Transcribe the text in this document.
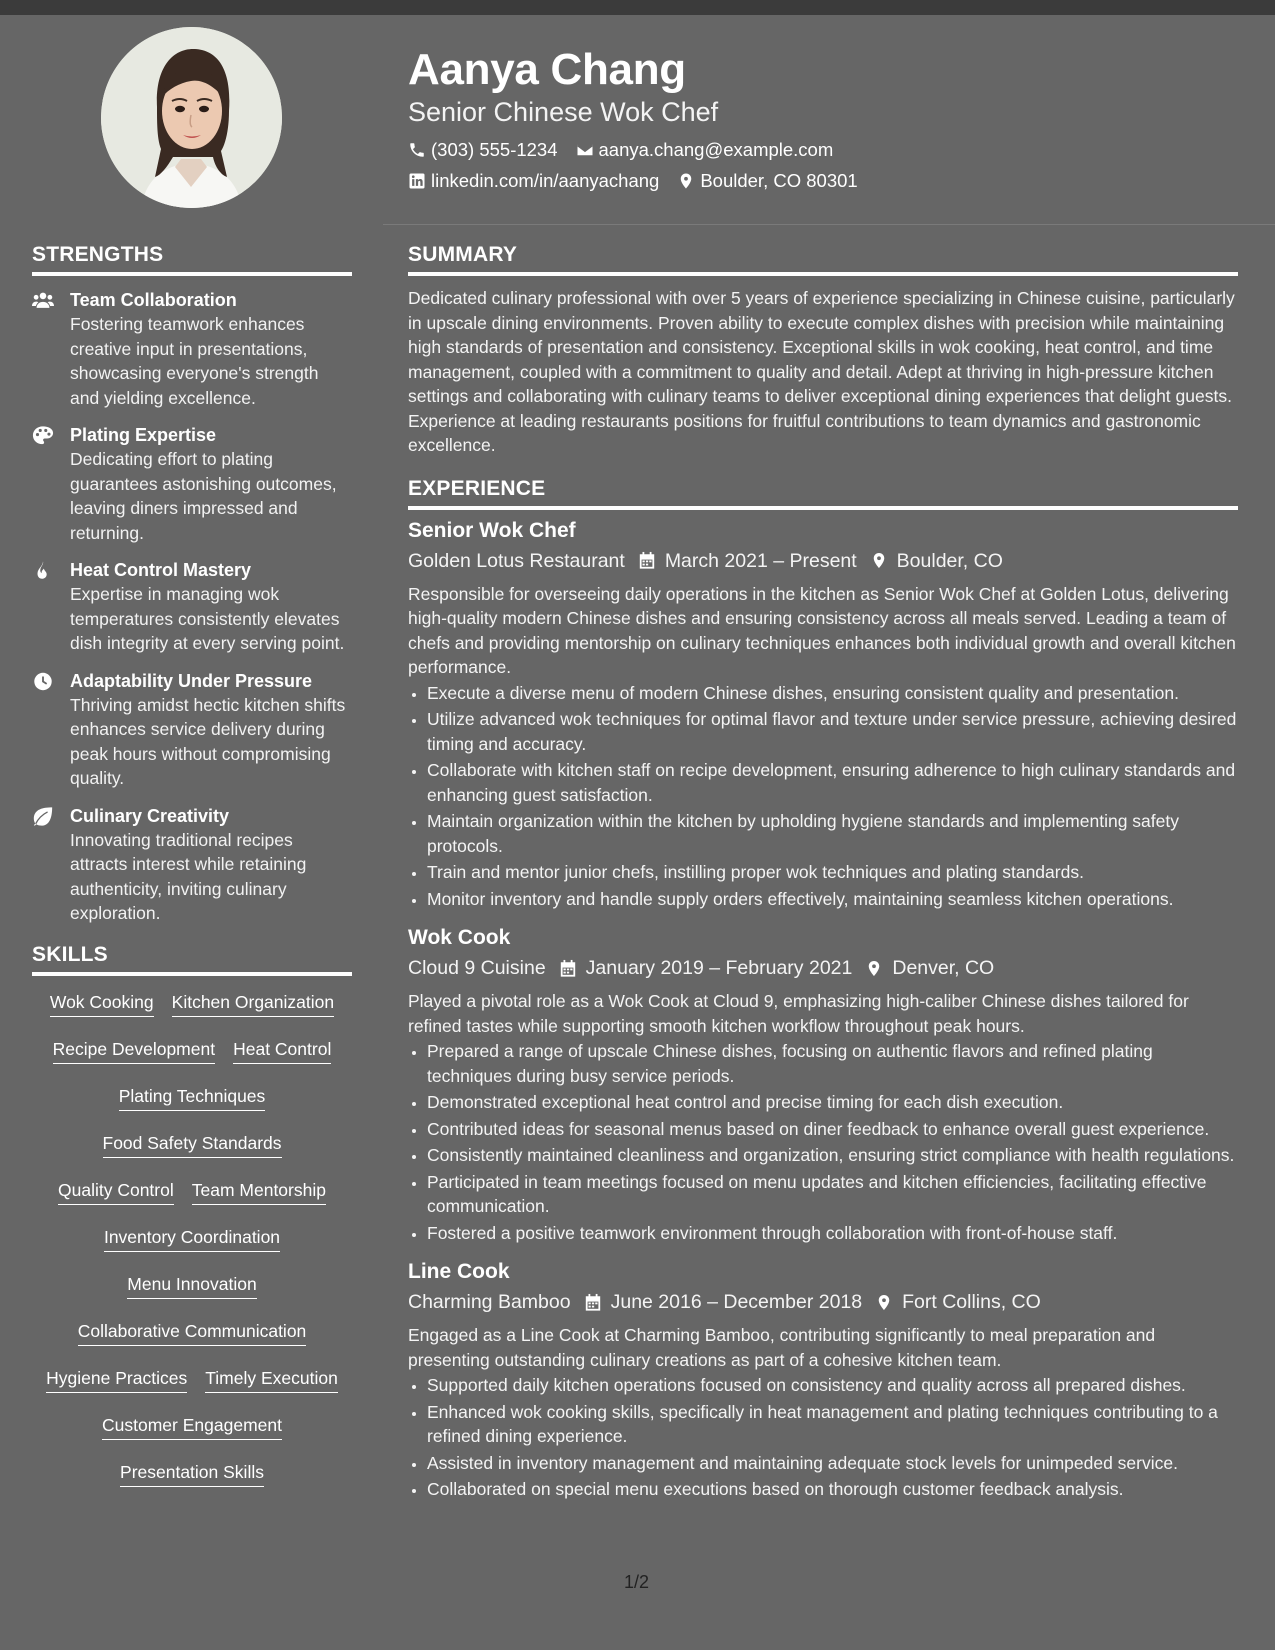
Aanya Chang
Senior Chinese Wok Chef
(303) 555-1234 aanya.chang@example.com
linkedin.com/in/aanyachang Boulder, CO 80301
STRENGTHS
Team Collaboration
Fostering teamwork enhances creative input in presentations, showcasing everyone's strength and yielding excellence.
Plating Expertise
Dedicating effort to plating guarantees astonishing outcomes, leaving diners impressed and returning.
Heat Control Mastery
Expertise in managing wok temperatures consistently elevates dish integrity at every serving point.
Adaptability Under Pressure
Thriving amidst hectic kitchen shifts enhances service delivery during peak hours without compromising quality.
Culinary Creativity
Innovating traditional recipes attracts interest while retaining authenticity, inviting culinary exploration.
SKILLS
Wok Cooking Kitchen Organization
Recipe Development Heat Control
Plating Techniques
Food Safety Standards
Quality Control Team Mentorship
Inventory Coordination
Menu Innovation
Collaborative Communication
Hygiene Practices Timely Execution
Customer Engagement
Presentation Skills
SUMMARY
Dedicated culinary professional with over 5 years of experience specializing in Chinese cuisine, particularly in upscale dining environments. Proven ability to execute complex dishes with precision while maintaining high standards of presentation and consistency. Exceptional skills in wok cooking, heat control, and time management, coupled with a commitment to quality and detail. Adept at thriving in high-pressure kitchen settings and collaborating with culinary teams to deliver exceptional dining experiences that delight guests. Experience at leading restaurants positions for fruitful contributions to team dynamics and gastronomic excellence.
EXPERIENCE
Senior Wok Chef
Golden Lotus Restaurant March 2021 – Present Boulder, CO
Responsible for overseeing daily operations in the kitchen as Senior Wok Chef at Golden Lotus, delivering high-quality modern Chinese dishes and ensuring consistency across all meals served. Leading a team of chefs and providing mentorship on culinary techniques enhances both individual growth and overall kitchen performance.
• Execute a diverse menu of modern Chinese dishes, ensuring consistent quality and presentation.
• Utilize advanced wok techniques for optimal flavor and texture under service pressure, achieving desired timing and accuracy.
• Collaborate with kitchen staff on recipe development, ensuring adherence to high culinary standards and enhancing guest satisfaction.
• Maintain organization within the kitchen by upholding hygiene standards and implementing safety protocols.
• Train and mentor junior chefs, instilling proper wok techniques and plating standards.
• Monitor inventory and handle supply orders effectively, maintaining seamless kitchen operations.
Wok Cook
Cloud 9 Cuisine January 2019 – February 2021 Denver, CO
Played a pivotal role as a Wok Cook at Cloud 9, emphasizing high-caliber Chinese dishes tailored for refined tastes while supporting smooth kitchen workflow throughout peak hours.
• Prepared a range of upscale Chinese dishes, focusing on authentic flavors and refined plating techniques during busy service periods.
• Demonstrated exceptional heat control and precise timing for each dish execution.
• Contributed ideas for seasonal menus based on diner feedback to enhance overall guest experience.
• Consistently maintained cleanliness and organization, ensuring strict compliance with health regulations.
• Participated in team meetings focused on menu updates and kitchen efficiencies, facilitating effective communication.
• Fostered a positive teamwork environment through collaboration with front-of-house staff.
Line Cook
Charming Bamboo June 2016 – December 2018 Fort Collins, CO
Engaged as a Line Cook at Charming Bamboo, contributing significantly to meal preparation and presenting outstanding culinary creations as part of a cohesive kitchen team.
• Supported daily kitchen operations focused on consistency and quality across all prepared dishes.
• Enhanced wok cooking skills, specifically in heat management and plating techniques contributing to a refined dining experience.
• Assisted in inventory management and maintaining adequate stock levels for unimpeded service.
• Collaborated on special menu executions based on thorough customer feedback analysis.
1/2
